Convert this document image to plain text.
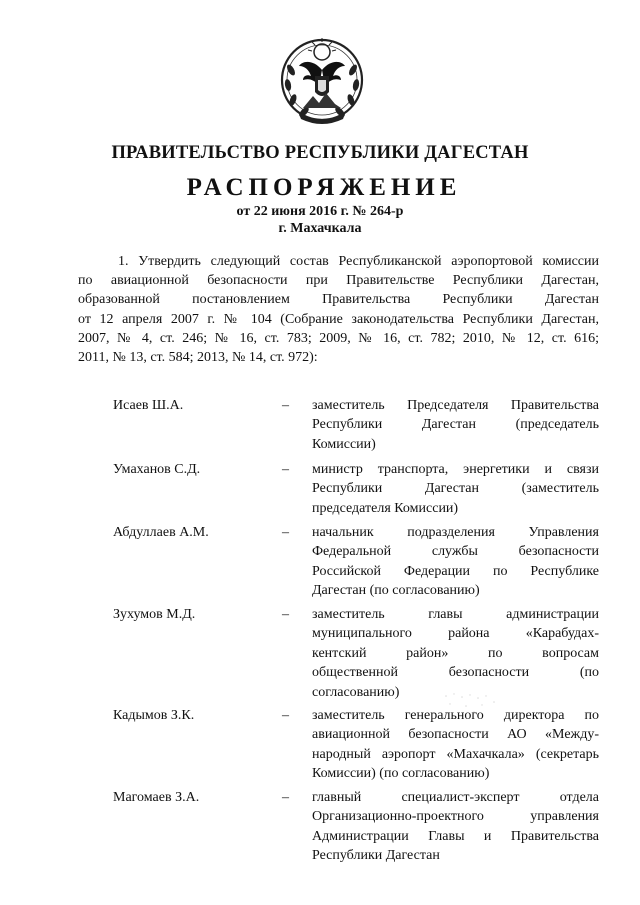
ПРАВИТЕЛЬСТВО РЕСПУБЛИКИ ДАГЕСТАН
РАСПОРЯЖЕНИЕ
от 22 июня 2016 г. № 264-р
г. Махачкала
1. Утвердить следующий состав Республиканской аэропортовой комиссии
по авиационной безопасности при Правительстве Республики Дагестан,
образованной постановлением Правительства Республики Дагестан
от 12 апреля 2007 г. № 104 (Собрание законодательства Республики Дагестан,
2007, № 4, ст. 246; № 16, ст. 783; 2009, № 16, ст. 782; 2010, № 12, ст. 616;
2011, № 13, ст. 584; 2013, № 14, ст. 972):
Исаев Ш.А.	– заместитель Председателя Правительства
Республики Дагестан (председатель
Комиссии)
Умаханов С.Д.	– министр транспорта, энергетики и связи
Республики Дагестан (заместитель
председателя Комиссии)
Абдуллаев А.М.	– начальник подразделения Управления
Федеральной службы безопасности
Российской Федерации по Республике
Дагестан (по согласованию)
Зухумов М.Д.	– заместитель главы администрации
муниципального района «Карабудах-
кентский район» по вопросам
общественной безопасности (по
согласованию)
Кадымов З.К.	– заместитель генерального директора по
авиационной безопасности АО «Между-
народный аэропорт «Махачкала» (секретарь
Комиссии) (по согласованию)
Магомаев З.А.	– главный специалист-эксперт отдела
Организационно-проектного управления
Администрации Главы и Правительства
Республики Дагестан
